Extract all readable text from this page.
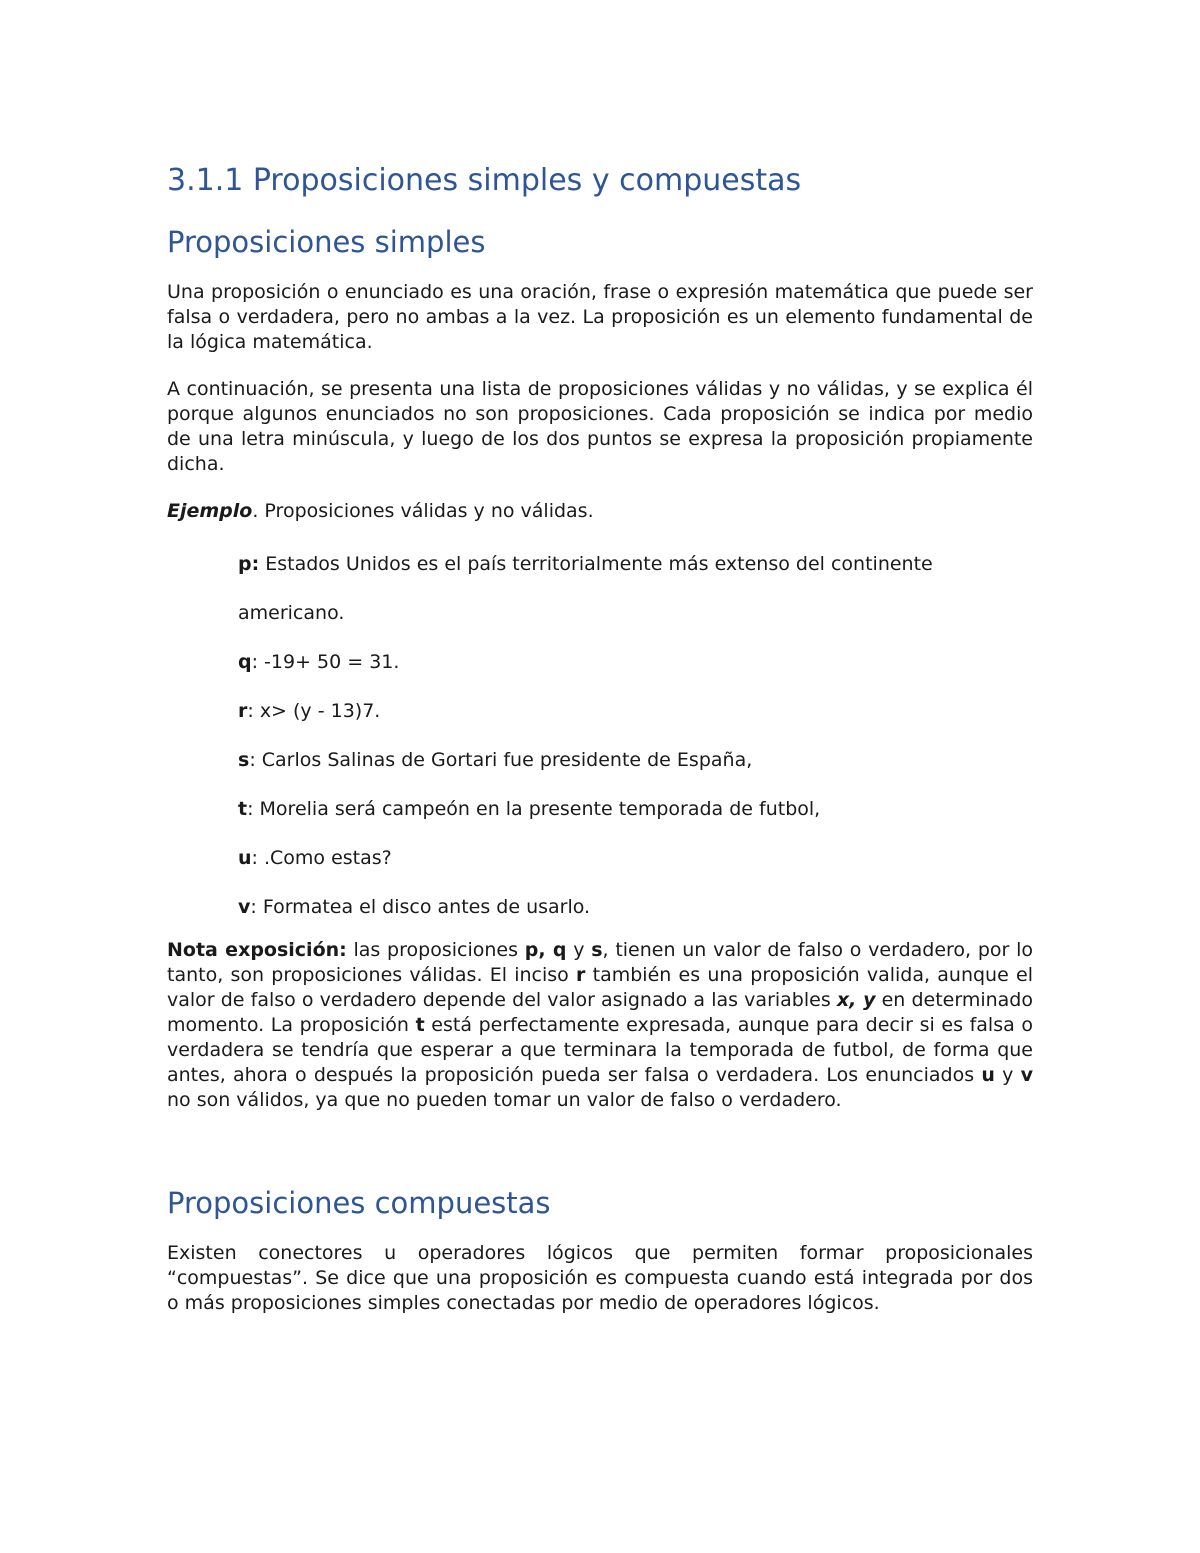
3.1.1 Proposiciones simples y compuestas
Proposiciones simples

Una proposición o enunciado es una oración, frase o expresión matemática que puede ser falsa o verdadera, pero no ambas a la vez. La proposición es un elemento fundamental de la lógica matemática.

A continuación, se presenta una lista de proposiciones válidas y no válidas, y se explica él porque algunos enunciados no son proposiciones. Cada proposición se indica por medio de una letra minúscula, y luego de los dos puntos se expresa la proposición propiamente dicha.

Ejemplo. Proposiciones válidas y no válidas.

p: Estados Unidos es el país territorialmente más extenso del continente

americano.

q: -19+ 50 = 31.

r: x> (y - 13)7.

s: Carlos Salinas de Gortari fue presidente de España,

t: Morelia será campeón en la presente temporada de futbol,

u: .Como estas?

v: Formatea el disco antes de usarlo.

Nota exposición: las proposiciones p, q y s, tienen un valor de falso o verdadero, por lo tanto, son proposiciones válidas. El inciso r también es una proposición valida, aunque el valor de falso o verdadero depende del valor asignado a las variables x, y en determinado momento. La proposición t está perfectamente expresada, aunque para decir si es falsa o verdadera se tendría que esperar a que terminara la temporada de futbol, de forma que antes, ahora o después la proposición pueda ser falsa o verdadera. Los enunciados u y v no son válidos, ya que no pueden tomar un valor de falso o verdadero.

Proposiciones compuestas

Existen conectores u operadores lógicos que permiten formar proposicionales “compuestas”. Se dice que una proposición es compuesta cuando está integrada por dos o más proposiciones simples conectadas por medio de operadores lógicos.
